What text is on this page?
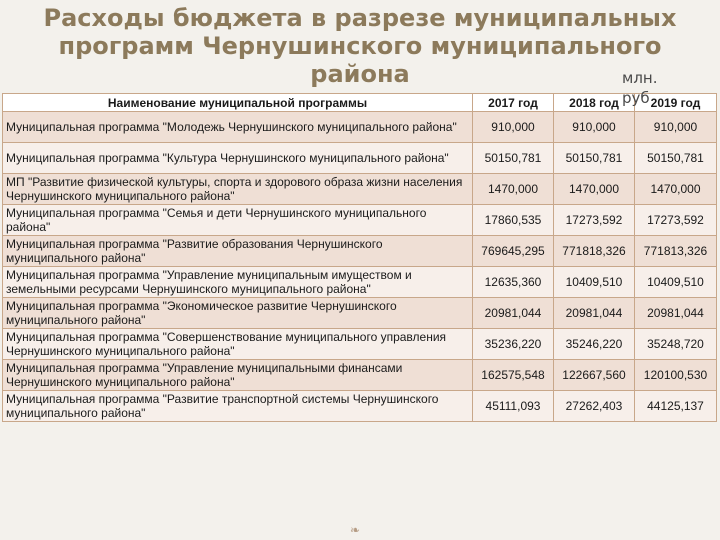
Расходы бюджета в разрезе муниципальных программ Чернушинского муниципального района	млн. руб
Наименование муниципальной программы	2017 год	2018 год	2019 год
Муниципальная программа "Молодежь Чернушинского муниципального района"	910,000	910,000	910,000
Муниципальная программа "Культура Чернушинского муниципального района"	50150,781	50150,781	50150,781
МП "Развитие физической культуры, спорта и здорового образа жизни населения Чернушинского муниципального района"	1470,000	1470,000	1470,000
Муниципальная программа "Семья и дети Чернушинского муниципального района"	17860,535	17273,592	17273,592
Муниципальная программа "Развитие образования Чернушинского муниципального района"	769645,295	771818,326	771813,326
Муниципальная программа "Управление муниципальным имуществом и земельными ресурсами Чернушинского муниципального района"	12635,360	10409,510	10409,510
Муниципальная программа "Экономическое развитие Чернушинского муниципального района"	20981,044	20981,044	20981,044
Муниципальная программа "Совершенствование муниципального управления Чернушинского муниципального района"	35236,220	35246,220	35248,720
Муниципальная программа "Управление муниципальными финансами Чернушинского муниципального района"	162575,548	122667,560	120100,530
Муниципальная программа "Развитие транспортной системы Чернушинского муниципального района"	45111,093	27262,403	44125,137
❧
